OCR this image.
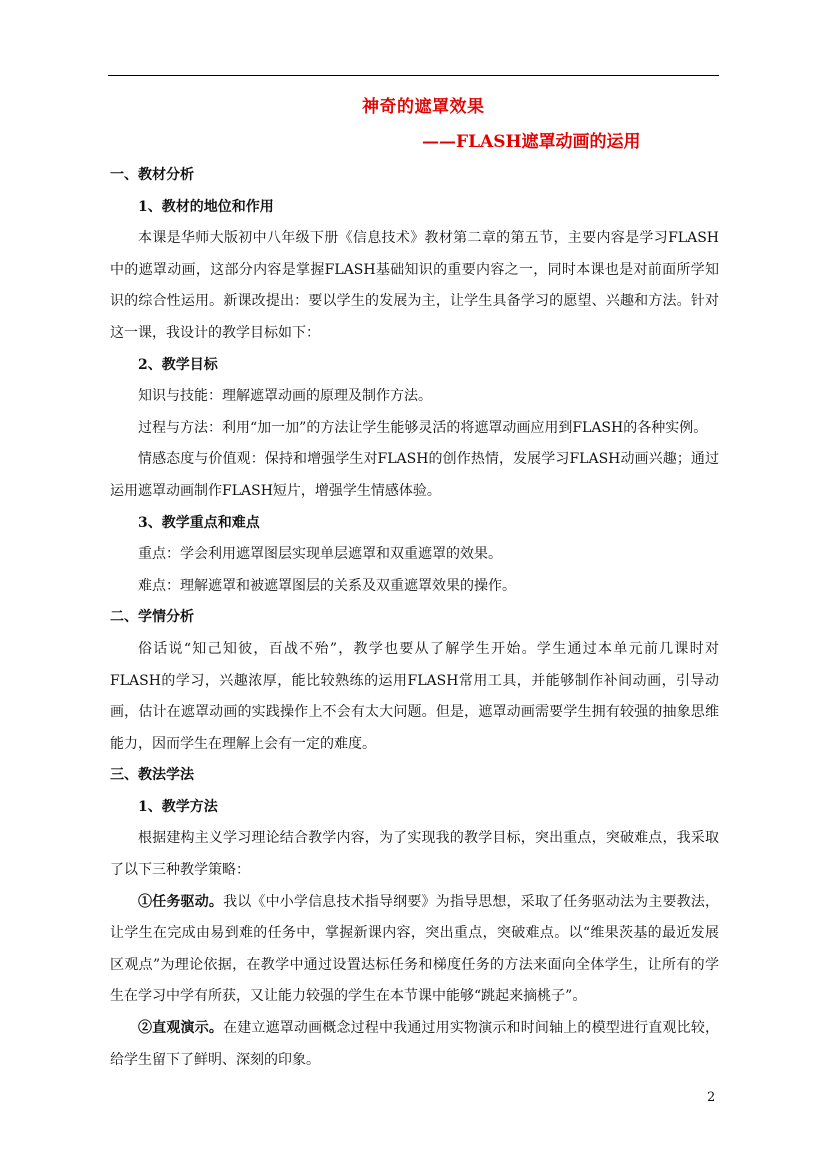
神奇的遮罩效果
——FLASH遮罩动画的运用

一、教材分析

1、教材的地位和作用

本课是华师大版初中八年级下册《信息技术》教材第二章的第五节，主要内容是学习FLASH中的遮罩动画，这部分内容是掌握FLASH基础知识的重要内容之一，同时本课也是对前面所学知识的综合性运用。新课改提出：要以学生的发展为主，让学生具备学习的愿望、兴趣和方法。针对这一课，我设计的教学目标如下：

2、教学目标

知识与技能：理解遮罩动画的原理及制作方法。

过程与方法：利用“加一加”的方法让学生能够灵活的将遮罩动画应用到FLASH的各种实例。

情感态度与价值观：保持和增强学生对FLASH的创作热情，发展学习FLASH动画兴趣；通过运用遮罩动画制作FLASH短片，增强学生情感体验。

3、教学重点和难点

重点：学会利用遮罩图层实现单层遮罩和双重遮罩的效果。

难点：理解遮罩和被遮罩图层的关系及双重遮罩效果的操作。

二、学情分析

俗话说“知己知彼，百战不殆”，教学也要从了解学生开始。学生通过本单元前几课时对FLASH的学习，兴趣浓厚，能比较熟练的运用FLASH常用工具，并能够制作补间动画，引导动画，估计在遮罩动画的实践操作上不会有太大问题。但是，遮罩动画需要学生拥有较强的抽象思维能力，因而学生在理解上会有一定的难度。

三、教法学法

1、教学方法

根据建构主义学习理论结合教学内容，为了实现我的教学目标，突出重点，突破难点，我采取了以下三种教学策略：

①任务驱动。我以《中小学信息技术指导纲要》为指导思想，采取了任务驱动法为主要教法，让学生在完成由易到难的任务中，掌握新课内容，突出重点，突破难点。以“维果茨基的最近发展区观点”为理论依据，在教学中通过设置达标任务和梯度任务的方法来面向全体学生，让所有的学生在学习中学有所获，又让能力较强的学生在本节课中能够“跳起来摘桃子”。

②直观演示。在建立遮罩动画概念过程中我通过用实物演示和时间轴上的模型进行直观比较，给学生留下了鲜明、深刻的印象。

2
